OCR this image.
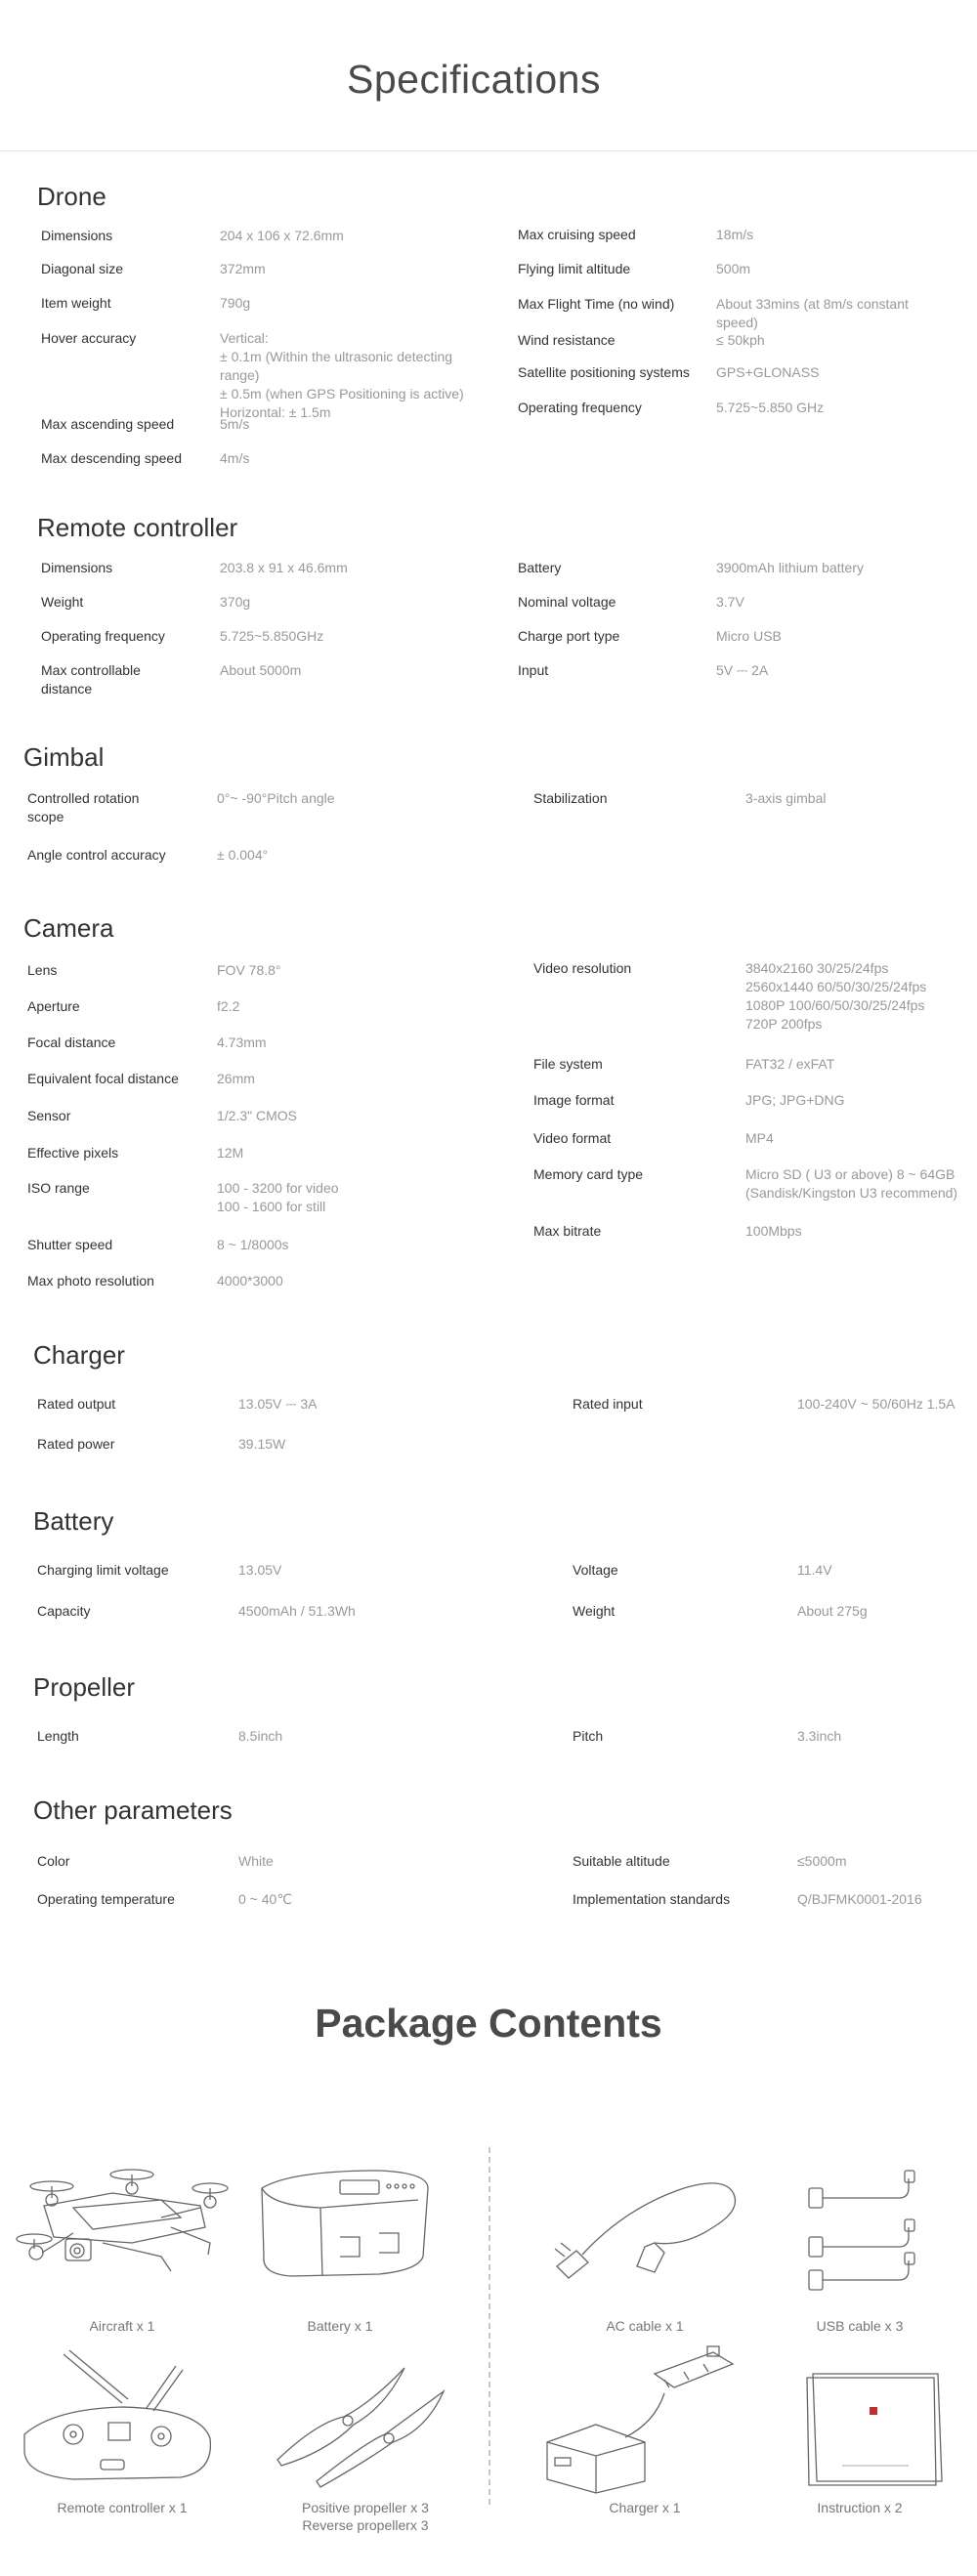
Specifications
Drone
Dimensions	204 x 106 x 72.6mm
Diagonal size	372mm
Item weight	790g
Hover accuracy	Vertical:
± 0.1m (Within the ultrasonic detecting range)
± 0.5m (when GPS Positioning is active)
Horizontal: ± 1.5m
Max ascending speed	5m/s
Max descending speed	4m/s
Max cruising speed	18m/s
Flying limit altitude	500m
Max Flight Time (no wind)	About 33mins (at 8m/s constant speed)
Wind resistance	≤ 50kph
Satellite positioning systems GPS+GLONASS
Operating frequency	5.725~5.850 GHz
Remote controller
Dimensions	203.8 x 91 x 46.6mm
Weight	370g
Operating frequency	5.725~5.850GHz
Max controllable
distance
About 5000m
Battery	3900mAh lithium battery
Nominal voltage	3.7V
Charge port type	Micro USB
Input	5V ⎓ 2A
Gimbal
Controlled rotation
scope
0°~ -90°Pitch angle
Angle control accuracy	± 0.004°
Stabilization	3-axis gimbal
Camera
Lens	FOV 78.8°
Aperture	f2.2
Focal distance	4.73mm
Equivalent focal distance	26mm
Sensor	1/2.3" CMOS
Effective pixels	12M
ISO range	100 - 3200 for video
100 - 1600 for still
Shutter speed	8 ~ 1/8000s
Max photo resolution	4000*3000
Video resolution	3840x2160 30/25/24fps
2560x1440 60/50/30/25/24fps
1080P 100/60/50/30/25/24fps
720P 200fps
File system	FAT32 / exFAT
Image format	JPG; JPG+DNG
Video format	MP4
Memory card type	Micro SD ( U3 or above) 8 ~ 64GB
(Sandisk/Kingston U3 recommend)
Max bitrate	100Mbps
Charger
Rated output	13.05V ⎓ 3A
Rated power	39.15W
Rated input	100-240V ~ 50/60Hz 1.5A
Battery
Charging limit voltage	13.05V
Capacity	4500mAh / 51.3Wh
Voltage	11.4V
Weight	About 275g
Propeller
Length	8.5inch	Pitch	3.3inch
Other parameters
Color	White
Operating temperature	0 ~ 40℃
Suitable altitude	≤5000m
Implementation standards	Q/BJFMK0001-2016
Package Contents
Aircraft x 1	Battery x 1	AC cable x 1	USB cable x 3
Remote controller x 1	Positive propeller x 3
Reverse propellerx 3
Charger x 1	Instruction x 2
